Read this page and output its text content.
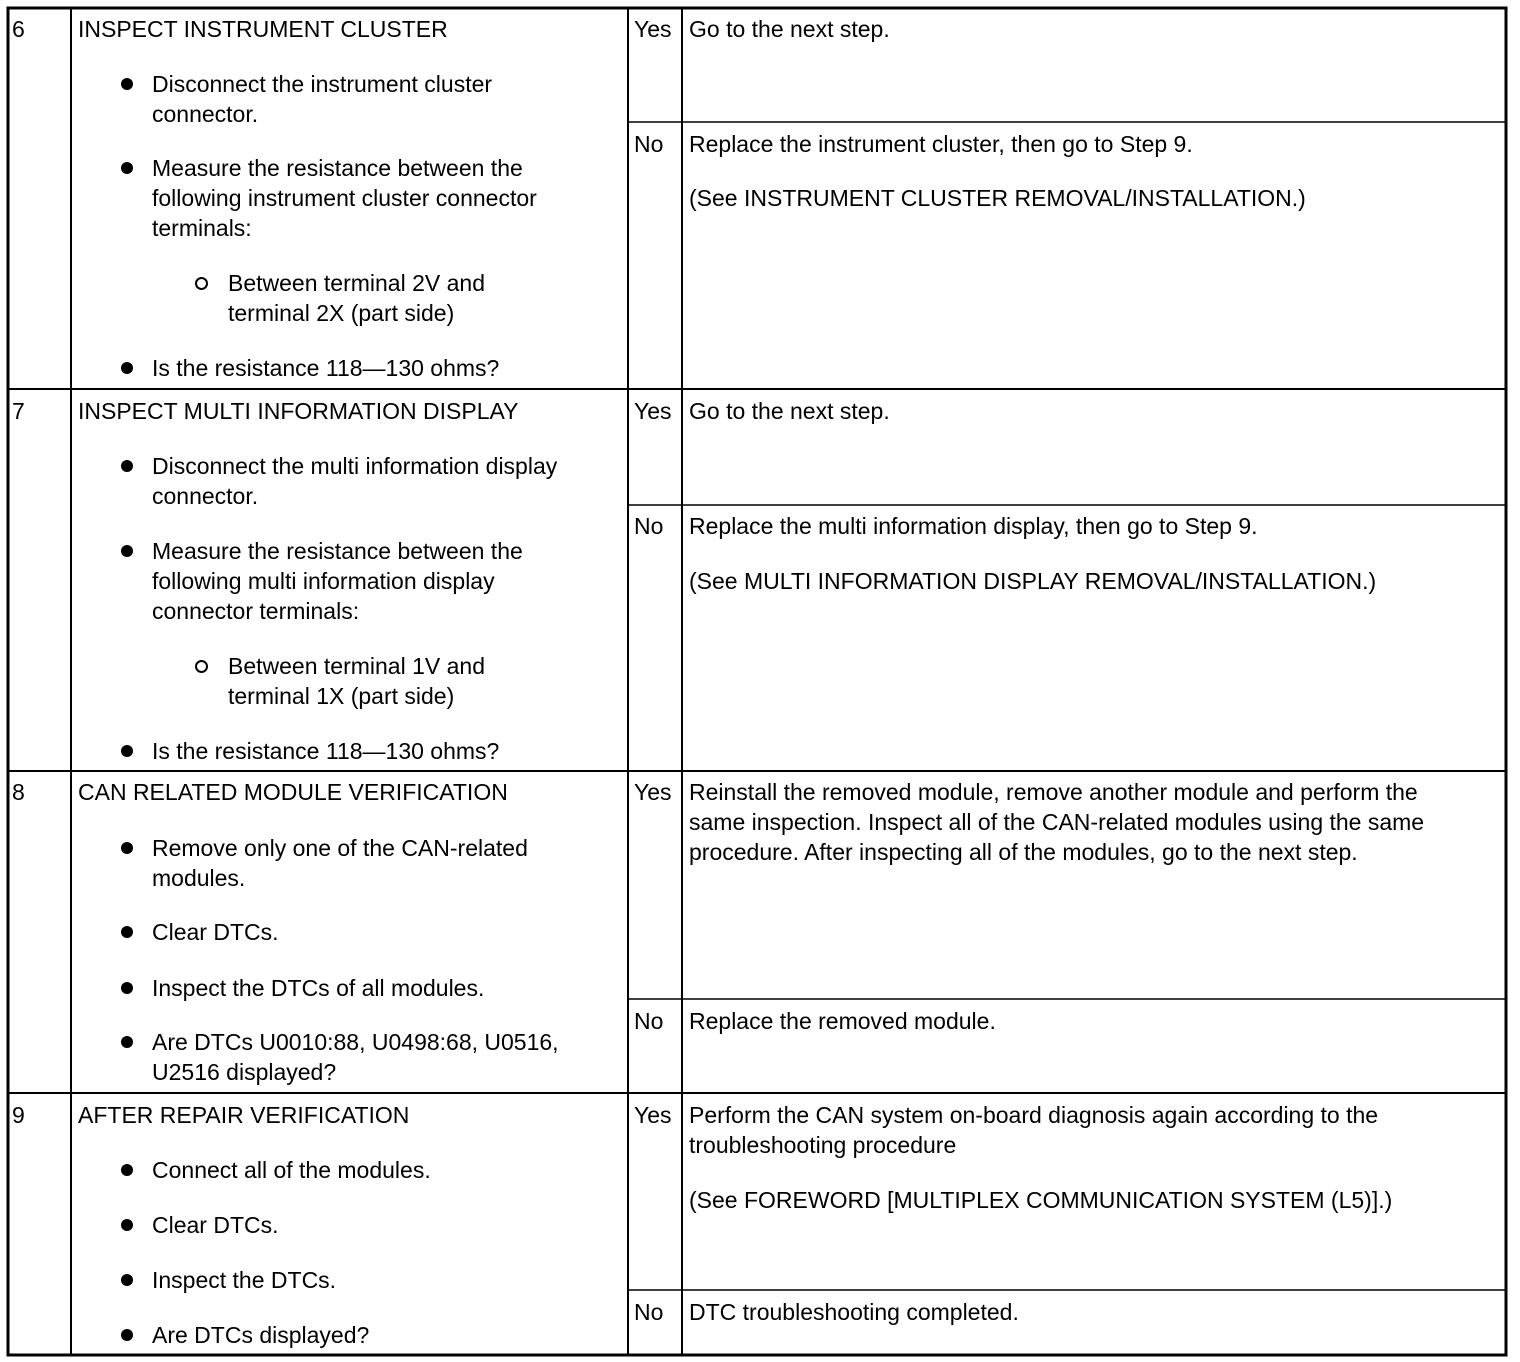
6 INSPECT INSTRUMENT CLUSTER
Disconnect the instrument cluster
connector.
Measure the resistance between the
following instrument cluster connector
terminals:
Between terminal 2V and
terminal 2X (part side)
Is the resistance 118—130 ohms?
Yes Go to the next step.
No Replace the instrument cluster, then go to Step 9.
(See INSTRUMENT CLUSTER REMOVAL/INSTALLATION.)
7 INSPECT MULTI INFORMATION DISPLAY
Disconnect the multi information display
connector.
Measure the resistance between the
following multi information display
connector terminals:
Between terminal 1V and
terminal 1X (part side)
Is the resistance 118—130 ohms?
Yes Go to the next step.
No Replace the multi information display, then go to Step 9.
(See MULTI INFORMATION DISPLAY REMOVAL/INSTALLATION.)
8 CAN RELATED MODULE VERIFICATION
Remove only one of the CAN-related
modules.
Clear DTCs.
Inspect the DTCs of all modules.
Are DTCs U0010:88, U0498:68, U0516,
U2516 displayed?
Yes Reinstall the removed module, remove another module and perform the
same inspection. Inspect all of the CAN-related modules using the same
procedure. After inspecting all of the modules, go to the next step.
No Replace the removed module.
9 AFTER REPAIR VERIFICATION
Connect all of the modules.
Clear DTCs.
Inspect the DTCs.
Are DTCs displayed?
Yes Perform the CAN system on-board diagnosis again according to the
troubleshooting procedure
(See FOREWORD [MULTIPLEX COMMUNICATION SYSTEM (L5)].)
No DTC troubleshooting completed.
